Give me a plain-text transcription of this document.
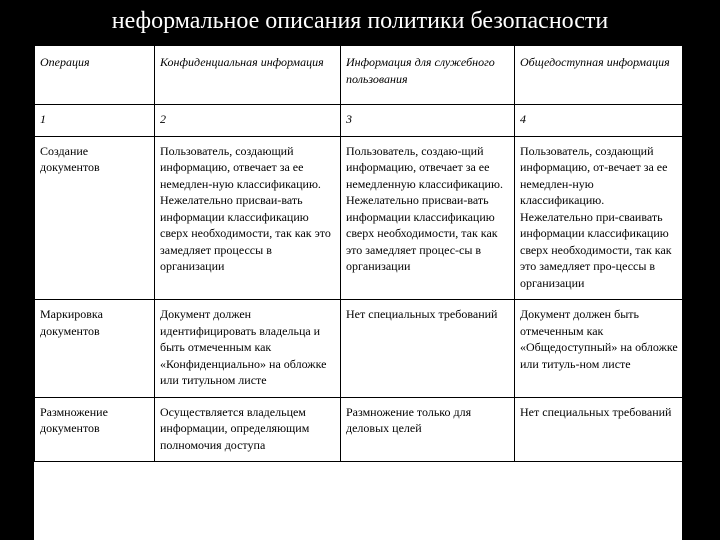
неформальное описания политики безопасности
Операция	Конфиденциальная информация	Информация для служебного пользования	Общедоступная информация
1	2	3	4
Создание документов	Пользователь, создающий информацию, отвечает за ее немедлен-ную классификацию. Нежелательно присваи-вать информации классификацию сверх необходимости, так как это замедляет процессы в организации	Пользователь, создаю-щий информацию, отвечает за ее немедленную классификацию. Нежелательно присваи-вать информации классификацию сверх необходимости, так как это замедляет процес-сы в организации	Пользователь, создающий информацию, от-вечает за ее немедлен-ную классификацию. Нежелательно при-сваивать информации классификацию сверх необходимости, так как это замедляет про-цессы в организации
Маркировка документов	Документ должен идентифицировать владельца и быть отмеченным как «Конфиденциально» на обложке или титульном листе	Нет специальных требований	Документ должен быть отмеченным как «Общедоступный» на обложке или титуль-ном листе
Размножение документов	Осуществляется владельцем информации, определяющим полномочия доступа	Размножение только для деловых целей	Нет специальных требований
